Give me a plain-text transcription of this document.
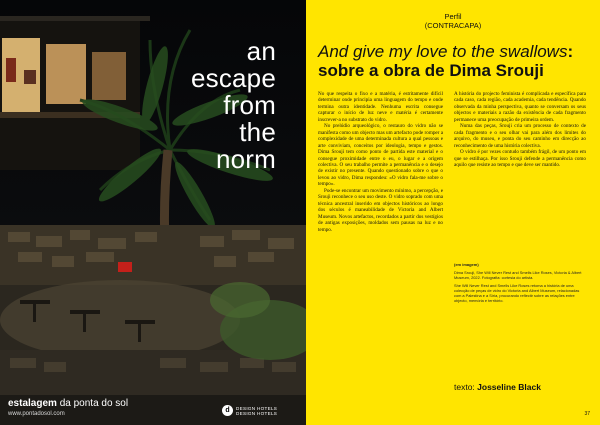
an
escape
from
the
norm
estalagem da ponta do sol
www.pontadosol.com	d	DESIGN HOTELS
DESIGN HOTELS
Perfil
(CONTRACAPA)
And give my love to the swallows:
sobre a obra de Dima Srouji

No que respeita o fixo e a matéria, é estritamente difícil determinar onde principia uma linguagem do tempo e onde termina outra identidade. Nenhuma escrita consegue capturar o início de luz neve e matéria é certamente inscrever-a no substrato do vidro.

No prelúdio arqueológico, o restauro do vidro não se manifesta como um objecto mas um artefacto pode romper a complexidade de uma determinada cultura a qual pessoas e arte conviviam, conceitos por ideologia, tempo e gestos. Dima Srouji tem como ponto de partida este material e o consegue proximidade entre o eu, o lugar e a origem colectiva. O seu trabalho permite a permanência e o desejo de existir no presente. Quando questionado sobre o que o levou ao vidro, Dima respondeu: «O vidro fala-me sobre o tempo».

Pode-se encontrar um movimento mínimo, a percepção, e Srouji reconhece o seu uso deste. O vidro soprado com uma técnica ancestral inserido em objectos históricos ao longo dos séculos é maneabilidade de Victoria and Albert Museum. Novos artefactos, recordados a partir dos vestígios de antigas exposições, moldados sem pausas na luz e no tempo.

A história do projecto feminista é complicada e específica para cada caso, cada região, cada academia, cada tendência. Quando observada da minha perspectiva, quanto se conversam os seus objectos e materiais a razão da existência de cada fragmento permanece uma preocupação de primeira ordem.

Numa das peças, Srouji cria um processo de contexto de cada fragmento e o seu olhar vai para além dos limites do arquivo, do museu, e ponta do seu caminho em direcção ao reconhecimento de uma história colectiva.

O vidro é por vezes contudo também frágil, de um ponto em que se estilhaça. Por isso Srouji defende a permanência como aquilo que resiste ao tempo e que deve ser mantido.

(em imagem)

Dima Srouji, She Will Never Rest and Smells Like Roses, Victoria & Albert Museum, 2022. Fotografia: cortesia do artista.

She Will Never Rest and Smells Like Roses retoma a história de uma colecção de peças de vidro do Victoria and Albert Museum, relacionadas com a Palestina e a Síria, procurando reflectir sobre as relações entre objecto, memória e território.

texto: Josseline Black
37
